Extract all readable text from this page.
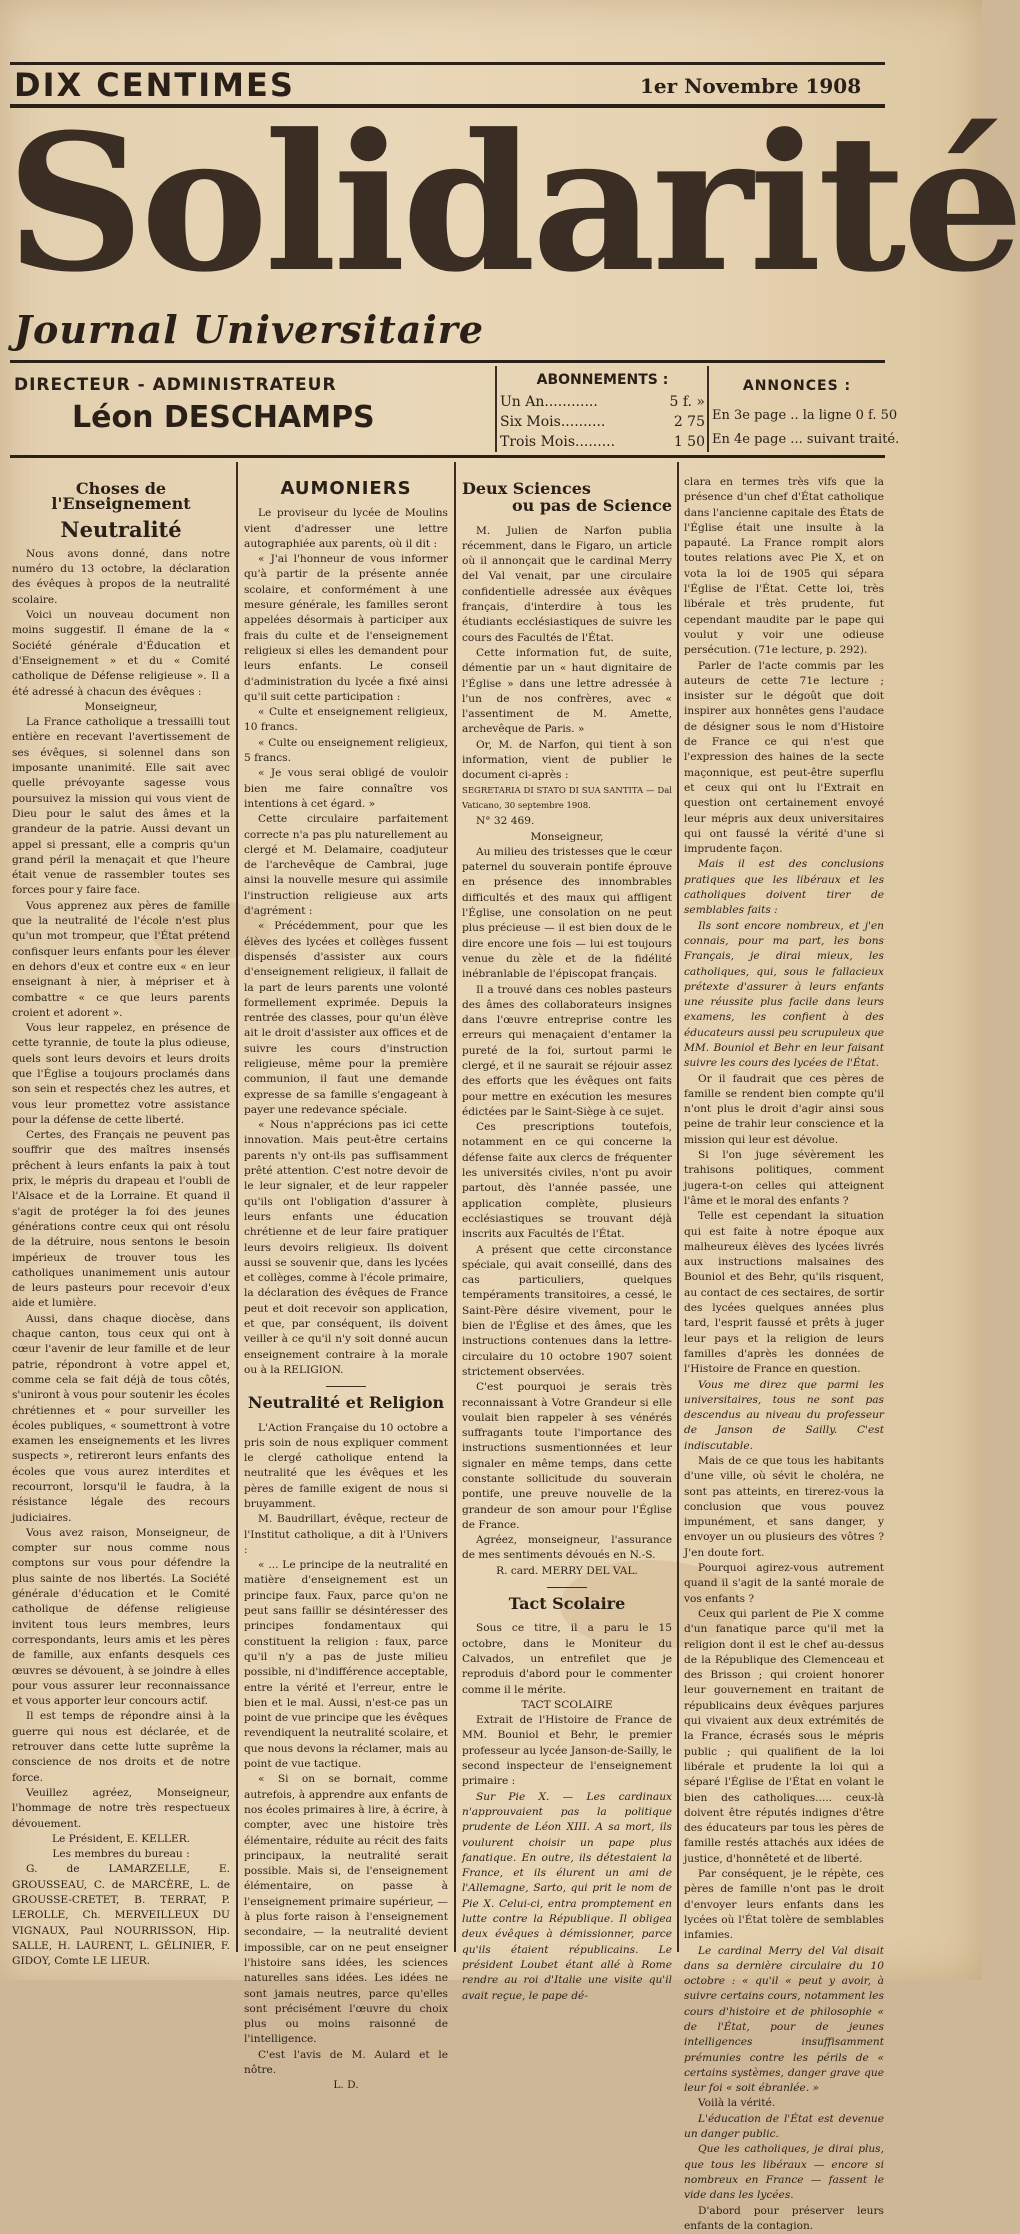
DIX CENTIMES	1er Novembre 1908
Solidarité
Journal Universitaire
DIRECTEUR - ADMINISTRATEUR
Léon DESCHAMPS
ABONNEMENTS :
Un An............	5 f. »
Six Mois..........	2 75
Trois Mois.........	1 50
ANNONCES :
En 3e page .. la ligne 0 f. 50
En 4e page ... suivant traité.
Choses de l'Enseignement
Neutralité

Nous avons donné, dans notre numéro du 13 octobre, la déclaration des évêques à propos de la neutralité scolaire.

Voici un nouveau document non moins suggestif. Il émane de la « Société générale d'Éducation et d'Enseignement » et du « Comité catholique de Défense religieuse ». Il a été adressé à chacun des évêques :

Monseigneur,

La France catholique a tressailli tout entière en recevant l'avertissement de ses évêques, si solennel dans son imposante unanimité. Elle sait avec quelle prévoyante sagesse vous poursuivez la mission qui vous vient de Dieu pour le salut des âmes et la grandeur de la patrie. Aussi devant un appel si pressant, elle a compris qu'un grand péril la menaçait et que l'heure était venue de rassembler toutes ses forces pour y faire face.

Vous apprenez aux pères de famille que la neutralité de l'école n'est plus qu'un mot trompeur, que l'État prétend confisquer leurs enfants pour les élever en dehors d'eux et contre eux « en leur enseignant à nier, à mépriser et à combattre « ce que leurs parents croient et adorent ».

Vous leur rappelez, en présence de cette tyrannie, de toute la plus odieuse, quels sont leurs devoirs et leurs droits que l'Église a toujours proclamés dans son sein et respectés chez les autres, et vous leur promettez votre assistance pour la défense de cette liberté.

Certes, des Français ne peuvent pas souffrir que des maîtres insensés prêchent à leurs enfants la paix à tout prix, le mépris du drapeau et l'oubli de l'Alsace et de la Lorraine. Et quand il s'agit de protéger la foi des jeunes générations contre ceux qui ont résolu de la détruire, nous sentons le besoin impérieux de trouver tous les catholiques unanimement unis autour de leurs pasteurs pour recevoir d'eux aide et lumière.

Aussi, dans chaque diocèse, dans chaque canton, tous ceux qui ont à cœur l'avenir de leur famille et de leur patrie, répondront à votre appel et, comme cela se fait déjà de tous côtés, s'uniront à vous pour soutenir les écoles chrétiennes et « pour surveiller les écoles publiques, « soumettront à votre examen les enseignements et les livres suspects », retireront leurs enfants des écoles que vous aurez interdites et recourront, lorsqu'il le faudra, à la résistance légale des recours judiciaires.

Vous avez raison, Monseigneur, de compter sur nous comme nous comptons sur vous pour défendre la plus sainte de nos libertés. La Société générale d'éducation et le Comité catholique de défense religieuse invitent tous leurs membres, leurs correspondants, leurs amis et les pères de famille, aux enfants desquels ces œuvres se dévouent, à se joindre à elles pour vous assurer leur reconnaissance et vous apporter leur concours actif.

Il est temps de répondre ainsi à la guerre qui nous est déclarée, et de retrouver dans cette lutte suprême la conscience de nos droits et de notre force.

Veuillez agréez, Monseigneur, l'hommage de notre très respectueux dévouement.

Le Président, E. KELLER.

Les membres du bureau :

G. de LAMARZELLE, E. GROUSSEAU, C. de MARCÈRE, L. de GROUSSE-CRETET, B. TERRAT, P. LEROLLE, Ch. MERVEILLEUX DU VIGNAUX, Paul NOURRISSON, Hip. SALLE, H. LAURENT, L. GÉLINIER, F. GIDOY, Comte LE LIEUR.

AUMONIERS

Le proviseur du lycée de Moulins vient d'adresser une lettre autographiée aux parents, où il dit :

« J'ai l'honneur de vous informer qu'à partir de la présente année scolaire, et conformément à une mesure générale, les familles seront appelées désormais à participer aux frais du culte et de l'enseignement religieux si elles les demandent pour leurs enfants. Le conseil d'administration du lycée a fixé ainsi qu'il suit cette participation :

« Culte et enseignement religieux, 10 francs.

« Culte ou enseignement religieux, 5 francs.

« Je vous serai obligé de vouloir bien me faire connaître vos intentions à cet égard. »

Cette circulaire parfaitement correcte n'a pas plu naturellement au clergé et M. Delamaire, coadjuteur de l'archevêque de Cambrai, juge ainsi la nouvelle mesure qui assimile l'instruction religieuse aux arts d'agrément :

« Précédemment, pour que les élèves des lycées et collèges fussent dispensés d'assister aux cours d'enseignement religieux, il fallait de la part de leurs parents une volonté formellement exprimée. Depuis la rentrée des classes, pour qu'un élève ait le droit d'assister aux offices et de suivre les cours d'instruction religieuse, même pour la première communion, il faut une demande expresse de sa famille s'engageant à payer une redevance spéciale.

« Nous n'apprécions pas ici cette innovation. Mais peut-être certains parents n'y ont-ils pas suffisamment prêté attention. C'est notre devoir de le leur signaler, et de leur rappeler qu'ils ont l'obligation d'assurer à leurs enfants une éducation chrétienne et de leur faire pratiquer leurs devoirs religieux. Ils doivent aussi se souvenir que, dans les lycées et collèges, comme à l'école primaire, la déclaration des évêques de France peut et doit recevoir son application, et que, par conséquent, ils doivent veiller à ce qu'il n'y soit donné aucun enseignement contraire à la morale ou à la RELIGION.

Neutralité et Religion

L'Action Française du 10 octobre a pris soin de nous expliquer comment le clergé catholique entend la neutralité que les évêques et les pères de famille exigent de nous si bruyamment.

M. Baudrillart, évêque, recteur de l'Institut catholique, a dit à l'Univers :

« ... Le principe de la neutralité en matière d'enseignement est un principe faux. Faux, parce qu'on ne peut sans faillir se désintéresser des principes fondamentaux qui constituent la religion : faux, parce qu'il n'y a pas de juste milieu possible, ni d'indifférence acceptable, entre la vérité et l'erreur, entre le bien et le mal. Aussi, n'est-ce pas un point de vue principe que les évêques revendiquent la neutralité scolaire, et que nous devons la réclamer, mais au point de vue tactique.

« Si on se bornait, comme autrefois, à apprendre aux enfants de nos écoles primaires à lire, à écrire, à compter, avec une histoire très élémentaire, réduite au récit des faits principaux, la neutralité serait possible. Mais si, de l'enseignement élémentaire, on passe à l'enseignement primaire supérieur, — à plus forte raison à l'enseignement secondaire, — la neutralité devient impossible, car on ne peut enseigner l'histoire sans idées, les sciences naturelles sans idées. Les idées ne sont jamais neutres, parce qu'elles sont précisément l'œuvre du choix plus ou moins raisonné de l'intelligence.

C'est l'avis de M. Aulard et le nôtre.

L. D.

Deux Sciences
ou pas de Science

M. Julien de Narfon publia récemment, dans le Figaro, un article où il annonçait que le cardinal Merry del Val venait, par une circulaire confidentielle adressée aux évêques français, d'interdire à tous les étudiants ecclésiastiques de suivre les cours des Facultés de l'État.

Cette information fut, de suite, démentie par un « haut dignitaire de l'Église » dans une lettre adressée à l'un de nos confrères, avec « l'assentiment de M. Amette, archevêque de Paris. »

Or, M. de Narfon, qui tient à son information, vient de publier le document ci-après :

SEGRETARIA DI STATO DI SUA SANTITA — Dal Vaticano, 30 septembre 1908.

N° 32 469.

Monseigneur,

Au milieu des tristesses que le cœur paternel du souverain pontife éprouve en présence des innombrables difficultés et des maux qui affligent l'Église, une consolation on ne peut plus précieuse — il est bien doux de le dire encore une fois — lui est toujours venue du zèle et de la fidélité inébranlable de l'épiscopat français.

Il a trouvé dans ces nobles pasteurs des âmes des collaborateurs insignes dans l'œuvre entreprise contre les erreurs qui menaçaient d'entamer la pureté de la foi, surtout parmi le clergé, et il ne saurait se réjouir assez des efforts que les évêques ont faits pour mettre en exécution les mesures édictées par le Saint-Siège à ce sujet.

Ces prescriptions toutefois, notamment en ce qui concerne la défense faite aux clercs de fréquenter les universités civiles, n'ont pu avoir partout, dès l'année passée, une application complète, plusieurs ecclésiastiques se trouvant déjà inscrits aux Facultés de l'État.

A présent que cette circonstance spéciale, qui avait conseillé, dans des cas particuliers, quelques tempéraments transitoires, a cessé, le Saint-Père désire vivement, pour le bien de l'Église et des âmes, que les instructions contenues dans la lettre-circulaire du 10 octobre 1907 soient strictement observées.

C'est pourquoi je serais très reconnaissant à Votre Grandeur si elle voulait bien rappeler à ses vénérés suffragants toute l'importance des instructions susmentionnées et leur signaler en même temps, dans cette constante sollicitude du souverain pontife, une preuve nouvelle de la grandeur de son amour pour l'Église de France.

Agréez, monseigneur, l'assurance de mes sentiments dévoués en N.-S.

R. card. MERRY DEL VAL.

Tact Scolaire

Sous ce titre, il a paru le 15 octobre, dans le Moniteur du Calvados, un entrefilet que je reproduis d'abord pour le commenter comme il le mérite.

TACT SCOLAIRE

Extrait de l'Histoire de France de MM. Bouniol et Behr, le premier professeur au lycée Janson-de-Sailly, le second inspecteur de l'enseignement primaire :

Sur Pie X. — Les cardinaux n'approuvaient pas la politique prudente de Léon XIII. A sa mort, ils voulurent choisir un pape plus fanatique. En outre, ils détestaient la France, et ils élurent un ami de l'Allemagne, Sarto, qui prit le nom de Pie X. Celui-ci, entra promptement en lutte contre la République. Il obligea deux évêques à démissionner, parce qu'ils étaient républicains. Le président Loubet étant allé à Rome rendre au roi d'Italie une visite qu'il avait reçue, le pape dé-

clara en termes très vifs que la présence d'un chef d'État catholique dans l'ancienne capitale des États de l'Église était une insulte à la papauté. La France rompit alors toutes relations avec Pie X, et on vota la loi de 1905 qui sépara l'Église de l'État. Cette loi, très libérale et très prudente, fut cependant maudite par le pape qui voulut y voir une odieuse persécution. (71e lecture, p. 292).

Parler de l'acte commis par les auteurs de cette 71e lecture ; insister sur le dégoût que doit inspirer aux honnêtes gens l'audace de désigner sous le nom d'Histoire de France ce qui n'est que l'expression des haines de la secte maçonnique, est peut-être superflu et ceux qui ont lu l'Extrait en question ont certainement envoyé leur mépris aux deux universitaires qui ont faussé la vérité d'une si imprudente façon.

Mais il est des conclusions pratiques que les libéraux et les catholiques doivent tirer de semblables faits :

Ils sont encore nombreux, et j'en connais, pour ma part, les bons Français, je dirai mieux, les catholiques, qui, sous le fallacieux prétexte d'assurer à leurs enfants une réussite plus facile dans leurs examens, les confient à des éducateurs aussi peu scrupuleux que MM. Bouniol et Behr en leur faisant suivre les cours des lycées de l'État.

Or il faudrait que ces pères de famille se rendent bien compte qu'il n'ont plus le droit d'agir ainsi sous peine de trahir leur conscience et la mission qui leur est dévolue.

Si l'on juge sévèrement les trahisons politiques, comment jugera-t-on celles qui atteignent l'âme et le moral des enfants ?

Telle est cependant la situation qui est faite à notre époque aux malheureux élèves des lycées livrés aux instructions malsaines des Bouniol et des Behr, qu'ils risquent, au contact de ces sectaires, de sortir des lycées quelques années plus tard, l'esprit faussé et prêts à juger leur pays et la religion de leurs familles d'après les données de l'Histoire de France en question.

Vous me direz que parmi les universitaires, tous ne sont pas descendus au niveau du professeur de Janson de Sailly. C'est indiscutable.

Mais de ce que tous les habitants d'une ville, où sévit le choléra, ne sont pas atteints, en tirerez-vous la conclusion que vous pouvez impunément, et sans danger, y envoyer un ou plusieurs des vôtres ? J'en doute fort.

Pourquoi agirez-vous autrement quand il s'agit de la santé morale de vos enfants ?

Ceux qui parlent de Pie X comme d'un fanatique parce qu'il met la religion dont il est le chef au-dessus de la République des Clemenceau et des Brisson ; qui croient honorer leur gouvernement en traitant de républicains deux évêques parjures qui vivaient aux deux extrémités de la France, écrasés sous le mépris public ; qui qualifient de la loi libérale et prudente la loi qui a séparé l'Église de l'État en volant le bien des catholiques..... ceux-là doivent être réputés indignes d'être des éducateurs par tous les pères de famille restés attachés aux idées de justice, d'honnêteté et de liberté.

Par conséquent, je le répète, ces pères de famille n'ont pas le droit d'envoyer leurs enfants dans les lycées où l'État tolère de semblables infamies.

Le cardinal Merry del Val disait dans sa dernière circulaire du 10 octobre : « qu'il « peut y avoir, à suivre certains cours, notamment les cours d'histoire et de philosophie « de l'État, pour de jeunes intelligences insuffisamment prémunies contre les périls de « certains systèmes, danger grave que leur foi « soit ébranlée. »

Voilà la vérité.

L'éducation de l'État est devenue un danger public.

Que les catholiques, je dirai plus, que tous les libéraux — encore si nombreux en France — fassent le vide dans les lycées.

D'abord pour préserver leurs enfants de la contagion.
